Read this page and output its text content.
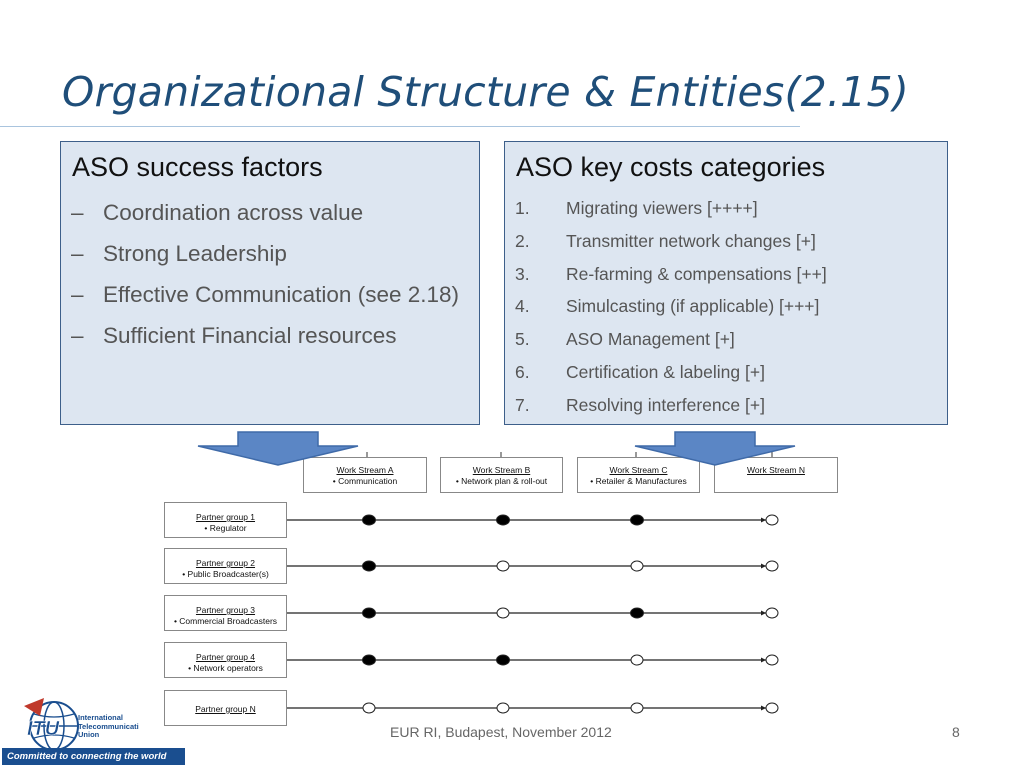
Organizational Structure & Entities(2.15)
ASO success factors
– Coordination across value
– Strong Leadership
– Effective Communication (see 2.18)
– Sufficient Financial resources
ASO key costs categories
1. Migrating viewers [++++]
2. Transmitter network changes [+]
3. Re-farming & compensations [++]
4. Simulcasting (if applicable) [+++]
5. ASO Management [+]
6. Certification & labeling [+]
7. Resolving interference [+]
Work Stream A
• Communication
Work Stream B
• Network plan & roll-out
Work Stream C
• Retailer & Manufactures
Work Stream N
Partner group 1
• Regulator
Partner group 2
• Public Broadcaster(s)
Partner group 3
• Commercial Broadcasters
Partner group 4
• Network operators
Partner group N
ITU
International
Telecommunicati
Union
Committed to connecting the world
EUR RI, Budapest, November 2012	8
